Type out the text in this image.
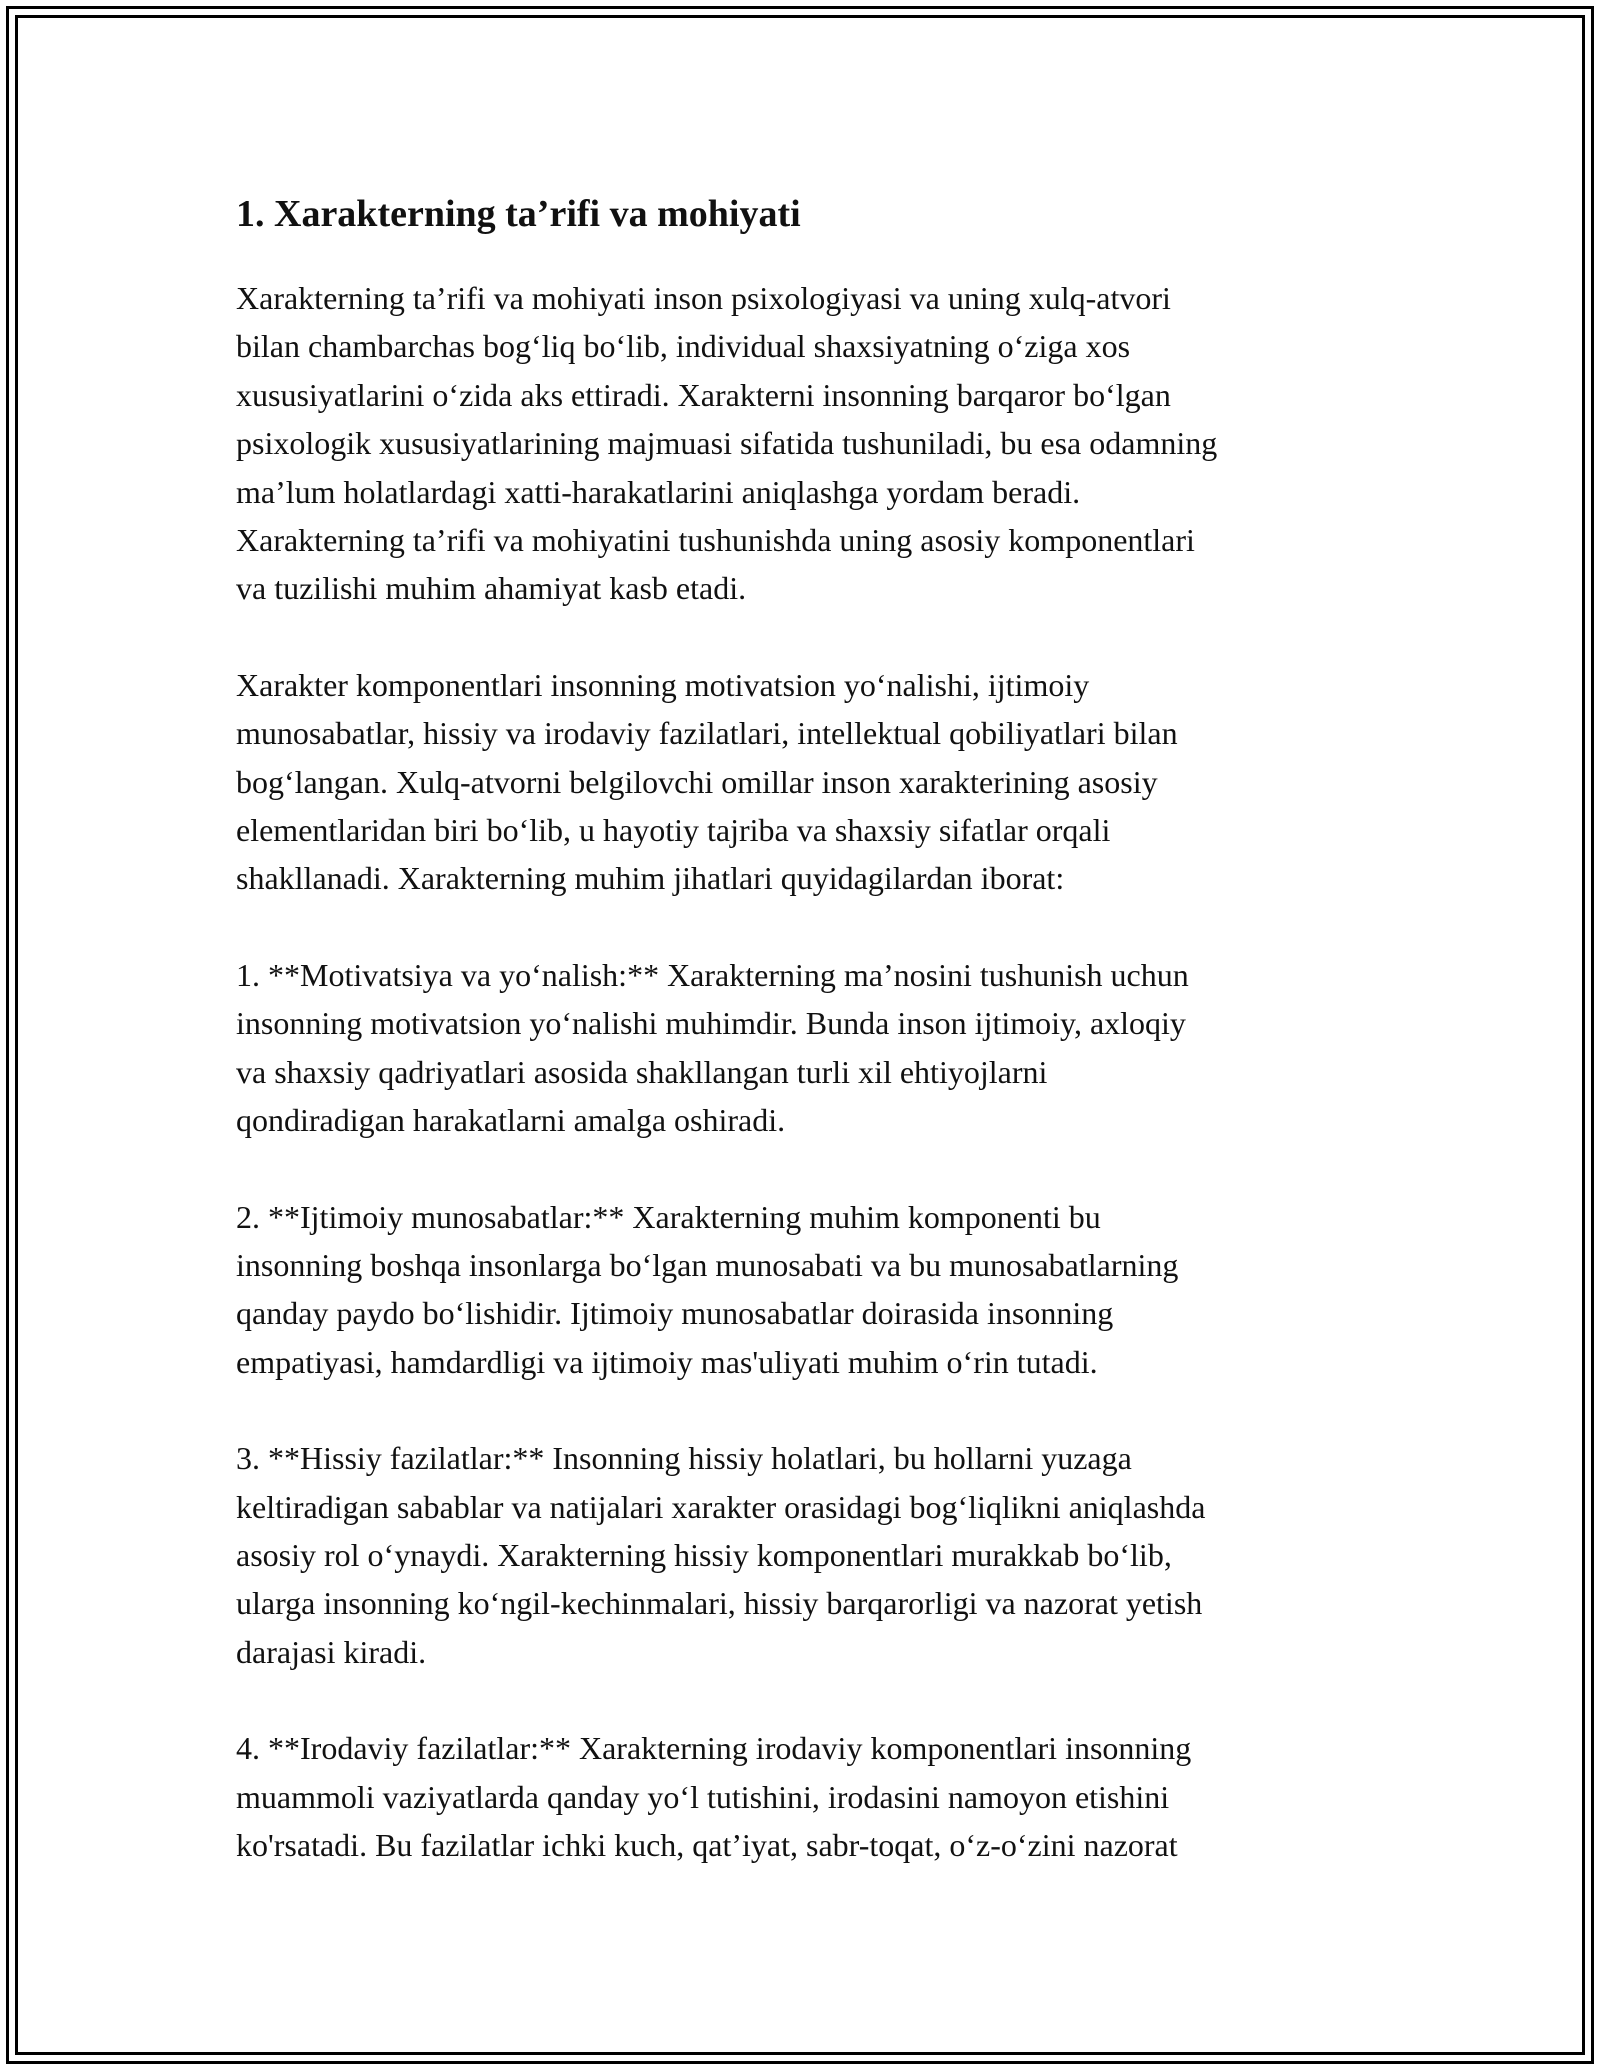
1. Xarakterning ta’rifi va mohiyati

Xarakterning ta’rifi va mohiyati inson psixologiyasi va uning xulq-atvori
bilan chambarchas bog‘liq bo‘lib, individual shaxsiyatning o‘ziga xos
xususiyatlarini o‘zida aks ettiradi. Xarakterni insonning barqaror bo‘lgan
psixologik xususiyatlarining majmuasi sifatida tushuniladi, bu esa odamning
ma’lum holatlardagi xatti-harakatlarini aniqlashga yordam beradi.
Xarakterning ta’rifi va mohiyatini tushunishda uning asosiy komponentlari
va tuzilishi muhim ahamiyat kasb etadi.

Xarakter komponentlari insonning motivatsion yo‘nalishi, ijtimoiy
munosabatlar, hissiy va irodaviy fazilatlari, intellektual qobiliyatlari bilan
bog‘langan. Xulq-atvorni belgilovchi omillar inson xarakterining asosiy
elementlaridan biri bo‘lib, u hayotiy tajriba va shaxsiy sifatlar orqali
shakllanadi. Xarakterning muhim jihatlari quyidagilardan iborat:

1. **Motivatsiya va yo‘nalish:** Xarakterning ma’nosini tushunish uchun
insonning motivatsion yo‘nalishi muhimdir. Bunda inson ijtimoiy, axloqiy
va shaxsiy qadriyatlari asosida shakllangan turli xil ehtiyojlarni
qondiradigan harakatlarni amalga oshiradi.

2. **Ijtimoiy munosabatlar:** Xarakterning muhim komponenti bu
insonning boshqa insonlarga bo‘lgan munosabati va bu munosabatlarning
qanday paydo bo‘lishidir. Ijtimoiy munosabatlar doirasida insonning
empatiyasi, hamdardligi va ijtimoiy mas'uliyati muhim o‘rin tutadi.

3. **Hissiy fazilatlar:** Insonning hissiy holatlari, bu hollarni yuzaga
keltiradigan sabablar va natijalari xarakter orasidagi bog‘liqlikni aniqlashda
asosiy rol o‘ynaydi. Xarakterning hissiy komponentlari murakkab bo‘lib,
ularga insonning ko‘ngil-kechinmalari, hissiy barqarorligi va nazorat yetish
darajasi kiradi.

4. **Irodaviy fazilatlar:** Xarakterning irodaviy komponentlari insonning
muammoli vaziyatlarda qanday yo‘l tutishini, irodasini namoyon etishini
ko'rsatadi. Bu fazilatlar ichki kuch, qat’iyat, sabr-toqat, o‘z-o‘zini nazorat
